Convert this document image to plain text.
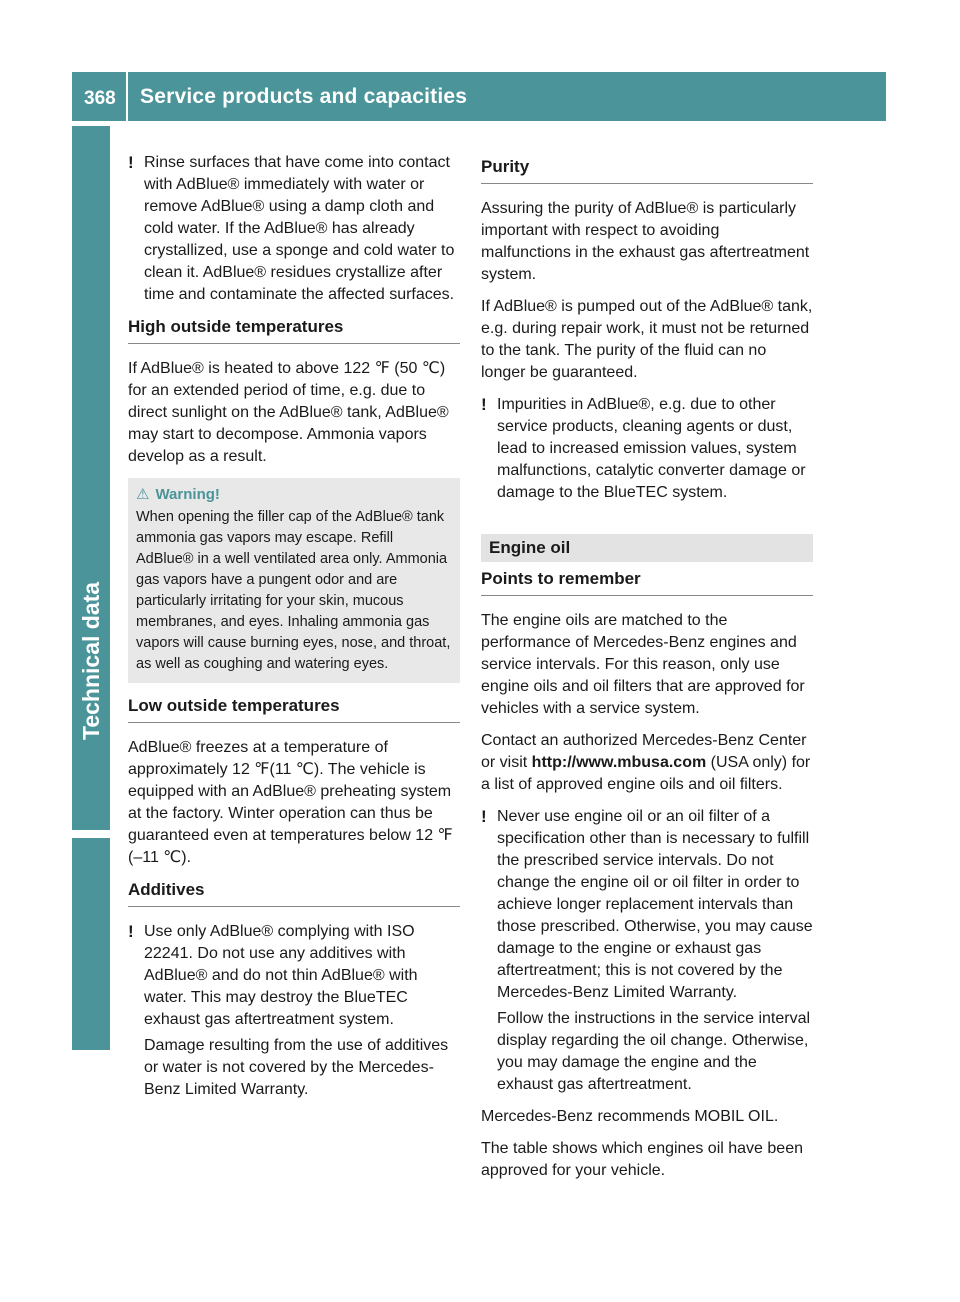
368 Service products and capacities
Technical data
! Rinse surfaces that have come into contact with AdBlue® immediately with water or remove AdBlue® using a damp cloth and cold water. If the AdBlue® has already crystallized, use a sponge and cold water to clean it. AdBlue® residues crystallize after time and contaminate the affected surfaces.

High outside temperatures

If AdBlue® is heated to above 122 ℉ (50 ℃) for an extended period of time, e.g. due to direct sunlight on the AdBlue® tank, AdBlue® may start to decompose. Ammonia vapors develop as a result.

⚠ Warning!
When opening the filler cap of the AdBlue® tank ammonia gas vapors may escape. Refill AdBlue® in a well ventilated area only. Ammonia gas vapors have a pungent odor and are particularly irritating for your skin, mucous membranes, and eyes. Inhaling ammonia gas vapors will cause burning eyes, nose, and throat, as well as coughing and watering eyes.
Low outside temperatures

AdBlue® freezes at a temperature of approximately 12 ℉(11 ℃). The vehicle is equipped with an AdBlue® preheating system at the factory. Winter operation can thus be guaranteed even at temperatures below 12 ℉(–11 ℃).

Additives
! Use only AdBlue® complying with ISO 22241. Do not use any additives with AdBlue® and do not thin AdBlue® with water. This may destroy the BlueTEC exhaust gas aftertreatment system.

Damage resulting from the use of additives or water is not covered by the Mercedes-Benz Limited Warranty.

Purity

Assuring the purity of AdBlue® is particularly important with respect to avoiding malfunctions in the exhaust gas aftertreatment system.

If AdBlue® is pumped out of the AdBlue® tank, e.g. during repair work, it must not be returned to the tank. The purity of the fluid can no longer be guaranteed.

! Impurities in AdBlue®, e.g. due to other service products, cleaning agents or dust, lead to increased emission values, system malfunctions, catalytic converter damage or damage to the BlueTEC system.

Engine oil
Points to remember

The engine oils are matched to the performance of Mercedes-Benz engines and service intervals. For this reason, only use engine oils and oil filters that are approved for vehicles with a service system.

Contact an authorized Mercedes-Benz Center or visit http://www.mbusa.com (USA only) for a list of approved engine oils and oil filters.

! Never use engine oil or an oil filter of a specification other than is necessary to fulfill the prescribed service intervals. Do not change the engine oil or oil filter in order to achieve longer replacement intervals than those prescribed. Otherwise, you may cause damage to the engine or exhaust gas aftertreatment; this is not covered by the Mercedes-Benz Limited Warranty.

Follow the instructions in the service interval display regarding the oil change. Otherwise, you may damage the engine and the exhaust gas aftertreatment.

Mercedes-Benz recommends MOBIL OIL.

The table shows which engines oil have been approved for your vehicle.
